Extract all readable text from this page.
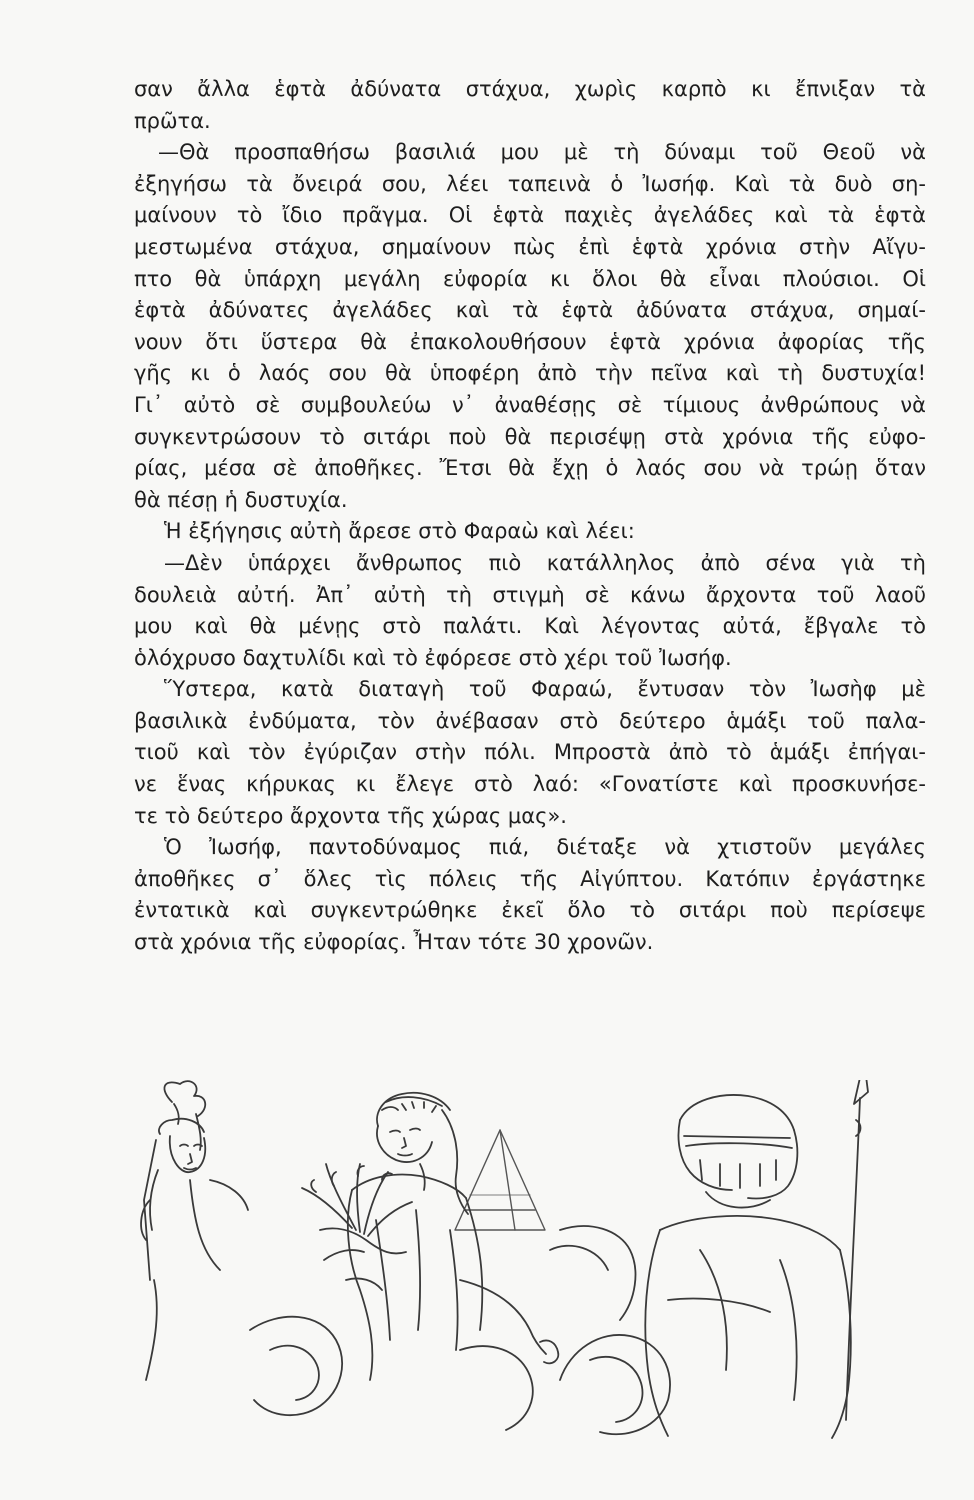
σαν ἄλλα ἑφτὰ ἀδύνατα στάχυα, χωρὶς καρπὸ κι ἔπνιξαν τὰ

πρῶτα.

—Θὰ προσπαθήσω βασιλιά μου μὲ τὴ δύναμι τοῦ Θεοῦ νὰ

ἐξηγήσω τὰ ὄνειρά σου, λέει ταπεινὰ ὁ Ἰωσήφ. Καὶ τὰ δυὸ ση-

μαίνουν τὸ ἴδιο πρᾶγμα. Οἱ ἑφτὰ παχιὲς ἀγελάδες καὶ τὰ ἑφτὰ

μεστωμένα στάχυα, σημαίνουν πὼς ἐπὶ ἑφτὰ χρόνια στὴν Αἴγυ-

πτο θὰ ὑπάρχη μεγάλη εὐφορία κι ὅλοι θὰ εἶναι πλούσιοι. Οἱ

ἑφτὰ ἀδύνατες ἀγελάδες καὶ τὰ ἑφτὰ ἀδύνατα στάχυα, σημαί-

νουν ὅτι ὕστερα θὰ ἐπακολουθήσουν ἑφτὰ χρόνια ἀφορίας τῆς

γῆς κι ὁ λαός σου θὰ ὑποφέρη ἀπὸ τὴν πεῖνα καὶ τὴ δυστυχία!

Γι᾿ αὐτὸ σὲ συμβουλεύω ν᾿ ἀναθέσῃς σὲ τίμιους ἀνθρώπους νὰ

συγκεντρώσουν τὸ σιτάρι ποὺ θὰ περισέψῃ στὰ χρόνια τῆς εὐφο-

ρίας, μέσα σὲ ἀποθῆκες. Ἔτσι θὰ ἔχῃ ὁ λαός σου νὰ τρώῃ ὅταν

θὰ πέσῃ ἡ δυστυχία.

Ἡ ἐξήγησις αὐτὴ ἄρεσε στὸ Φαραὼ καὶ λέει:

—Δὲν ὑπάρχει ἄνθρωπος πιὸ κατάλληλος ἀπὸ σένα γιὰ τὴ

δουλειὰ αὐτή. Ἀπ᾿ αὐτὴ τὴ στιγμὴ σὲ κάνω ἄρχοντα τοῦ λαοῦ

μου καὶ θὰ μένῃς στὸ παλάτι. Καὶ λέγοντας αὐτά, ἔβγαλε τὸ

ὁλόχρυσο δαχτυλίδι καὶ τὸ ἐφόρεσε στὸ χέρι τοῦ Ἰωσήφ.

Ὕστερα, κατὰ διαταγὴ τοῦ Φαραώ, ἔντυσαν τὸν Ἰωσὴφ μὲ

βασιλικὰ ἐνδύματα, τὸν ἀνέβασαν στὸ δεύτερο ἁμάξι τοῦ παλα-

τιοῦ καὶ τὸν ἐγύριζαν στὴν πόλι. Μπροστὰ ἀπὸ τὸ ἁμάξι ἐπήγαι-

νε ἕνας κήρυκας κι ἔλεγε στὸ λαό: «Γονατίστε καὶ προσκυνήσε-

τε τὸ δεύτερο ἄρχοντα τῆς χώρας μας».

Ὁ Ἰωσήφ, παντοδύναμος πιά, διέταξε νὰ χτιστοῦν μεγάλες

ἀποθῆκες σ᾿ ὅλες τὶς πόλεις τῆς Αἰγύπτου. Κατόπιν ἐργάστηκε

ἐντατικὰ καὶ συγκεντρώθηκε ἐκεῖ ὅλο τὸ σιτάρι ποὺ περίσεψε

στὰ χρόνια τῆς εὐφορίας. Ἦταν τότε 30 χρονῶν.
